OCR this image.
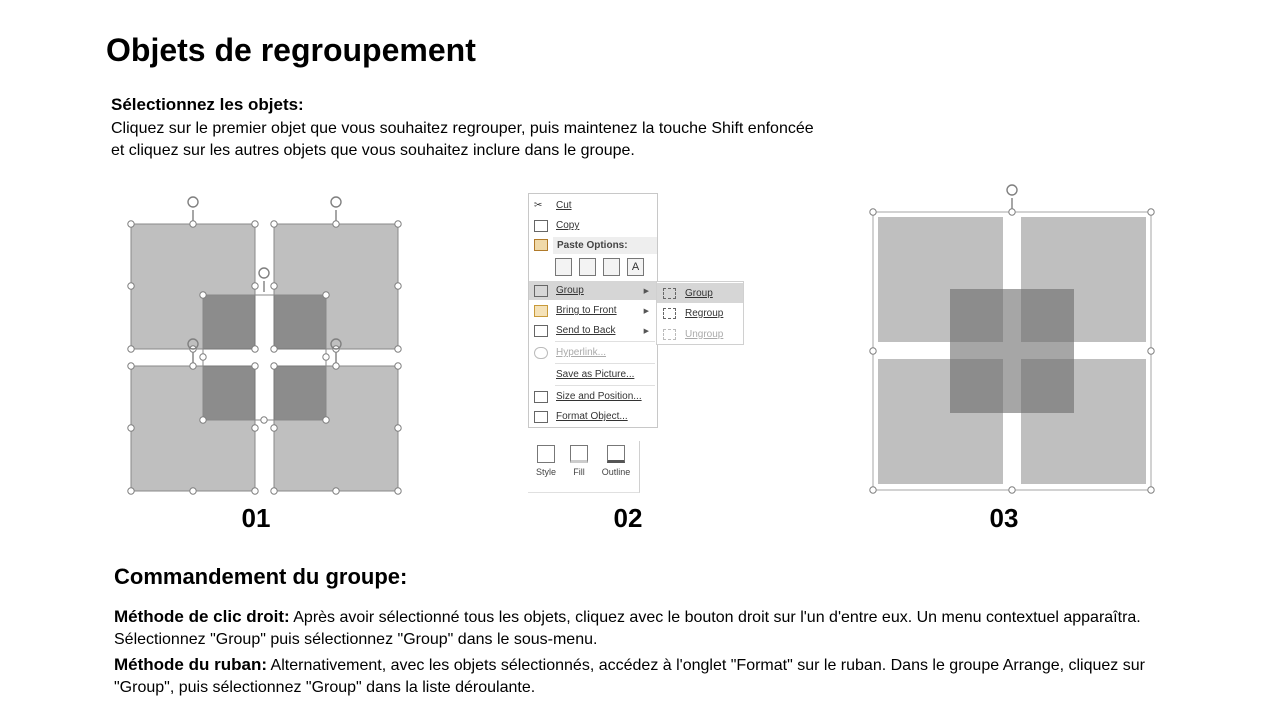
Objets de regroupement
Sélectionnez les objets:
Cliquez sur le premier objet que vous souhaitez regrouper, puis maintenez la touche Shift enfoncée et cliquez sur les autres objets que vous souhaitez inclure dans le groupe.
✂	Cut
Copy
Paste Options:
A
Group	▶
Bring to Front	▶
Send to Back	▶
Hyperlink...
Save as Picture...
Size and Position...
Format Object...
Group
Regroup
Ungroup
Style	Fill	Outline
01	02	03
Commandement du groupe:
Méthode de clic droit: Après avoir sélectionné tous les objets, cliquez avec le bouton droit sur l'un d'entre eux. Un menu contextuel apparaîtra. Sélectionnez "Group" puis sélectionnez "Group" dans le sous-menu.
Méthode du ruban: Alternativement, avec les objets sélectionnés, accédez à l'onglet "Format" sur le ruban. Dans le groupe Arrange, cliquez sur "Group", puis sélectionnez "Group" dans la liste déroulante.
